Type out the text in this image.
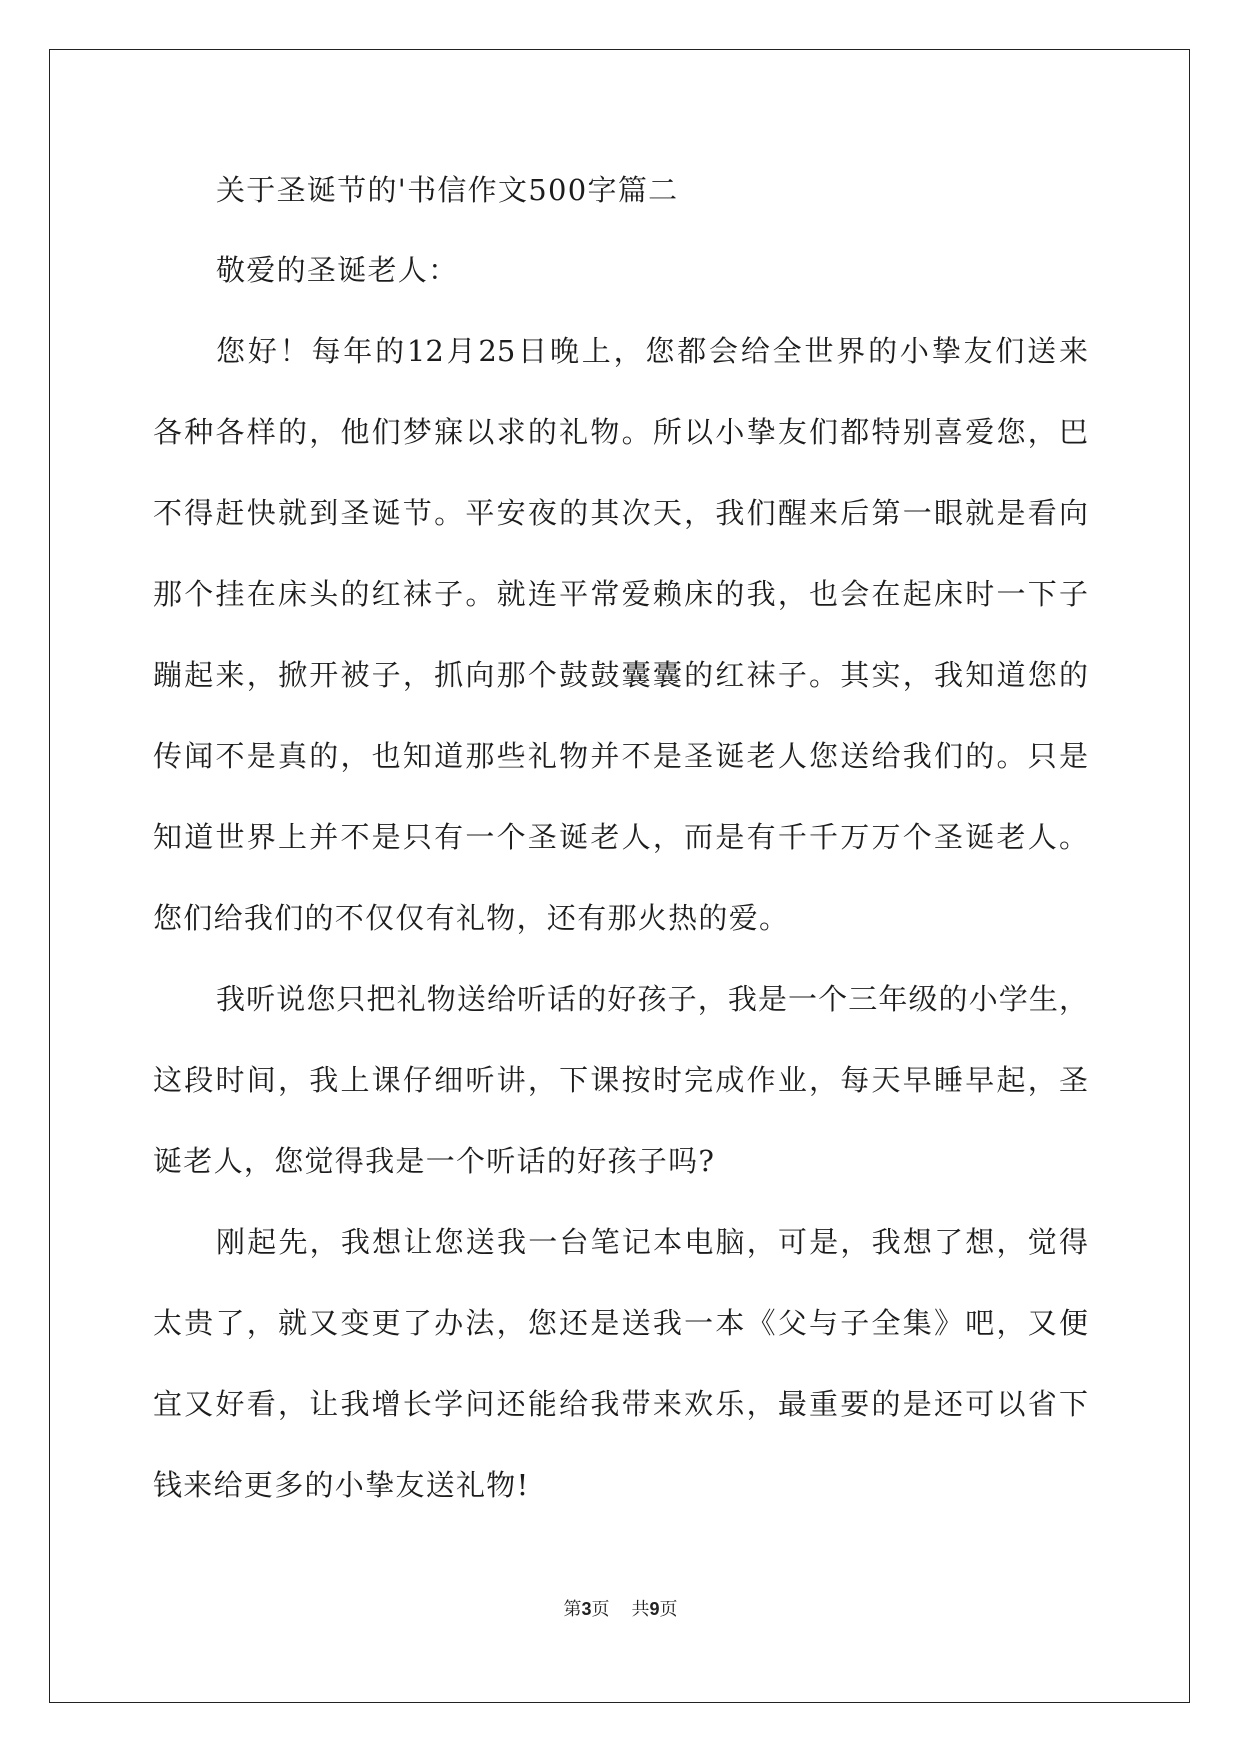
关于圣诞节的'书信作文500字篇二
敬爱的圣诞老人：
您好！每年的12月25日晚上，您都会给全世界的小挚友们送来
各种各样的，他们梦寐以求的礼物。所以小挚友们都特别喜爱您，巴
不得赶快就到圣诞节。平安夜的其次天，我们醒来后第一眼就是看向
那个挂在床头的红袜子。就连平常爱赖床的我，也会在起床时一下子
蹦起来，掀开被子，抓向那个鼓鼓囊囊的红袜子。其实，我知道您的
传闻不是真的，也知道那些礼物并不是圣诞老人您送给我们的。只是
知道世界上并不是只有一个圣诞老人，而是有千千万万个圣诞老人。
您们给我们的不仅仅有礼物，还有那火热的爱。
我听说您只把礼物送给听话的好孩子，我是一个三年级的小学生，
这段时间，我上课仔细听讲，下课按时完成作业，每天早睡早起，圣
诞老人，您觉得我是一个听话的好孩子吗?
刚起先，我想让您送我一台笔记本电脑，可是，我想了想，觉得
太贵了，就又变更了办法，您还是送我一本《父与子全集》吧，又便
宜又好看，让我增长学问还能给我带来欢乐，最重要的是还可以省下
钱来给更多的小挚友送礼物!
第3页 共9页
